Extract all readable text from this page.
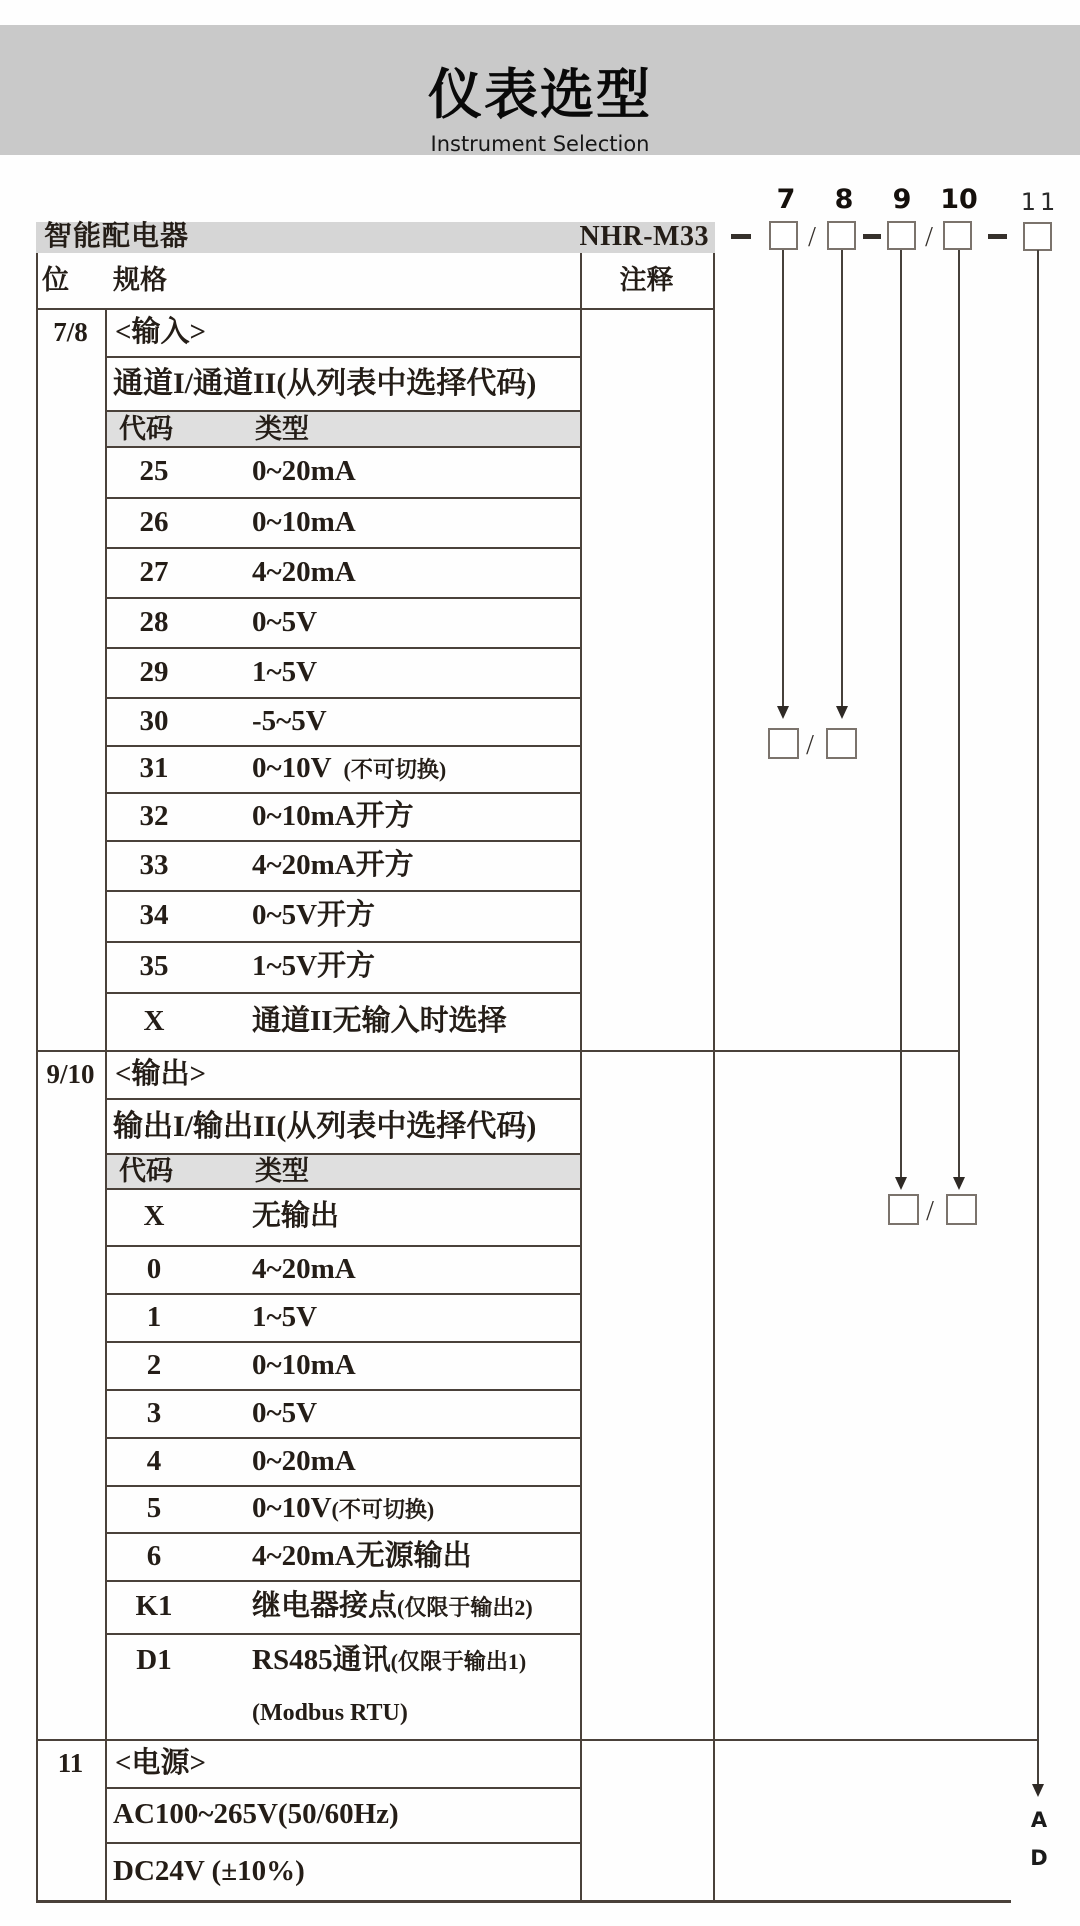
仪表选型
Instrument Selection
智能配电器	NHR-M33
位 规格	注释
7/8 <输入>
通道I/通道II(从列表中选择代码)
代码	类型
25	0~20mA
26	0~10mA
27	4~20mA
28	0~5V
29	1~5V
30	-5~5V
31	0~10V (不可切换)
32	0~10mA开方
33	4~20mA开方
34	0~5V开方
35	1~5V开方
X	通道II无输入时选择
9/10 <输出>
输出I/输出II(从列表中选择代码)
代码	类型
X	无输出
0	4~20mA
1	1~5V
2	0~10mA
3	0~5V
4	0~20mA
5	0~10V(不可切换)
6	4~20mA无源输出
K1	继电器接点(仅限于输出2)
D1	RS485通讯(仅限于输出1)
(Modbus RTU)
11	<电源>
AC100~265V(50/60Hz)
DC24V (±10%)
7 8 9 10 11
/	/
/
/
A
D
